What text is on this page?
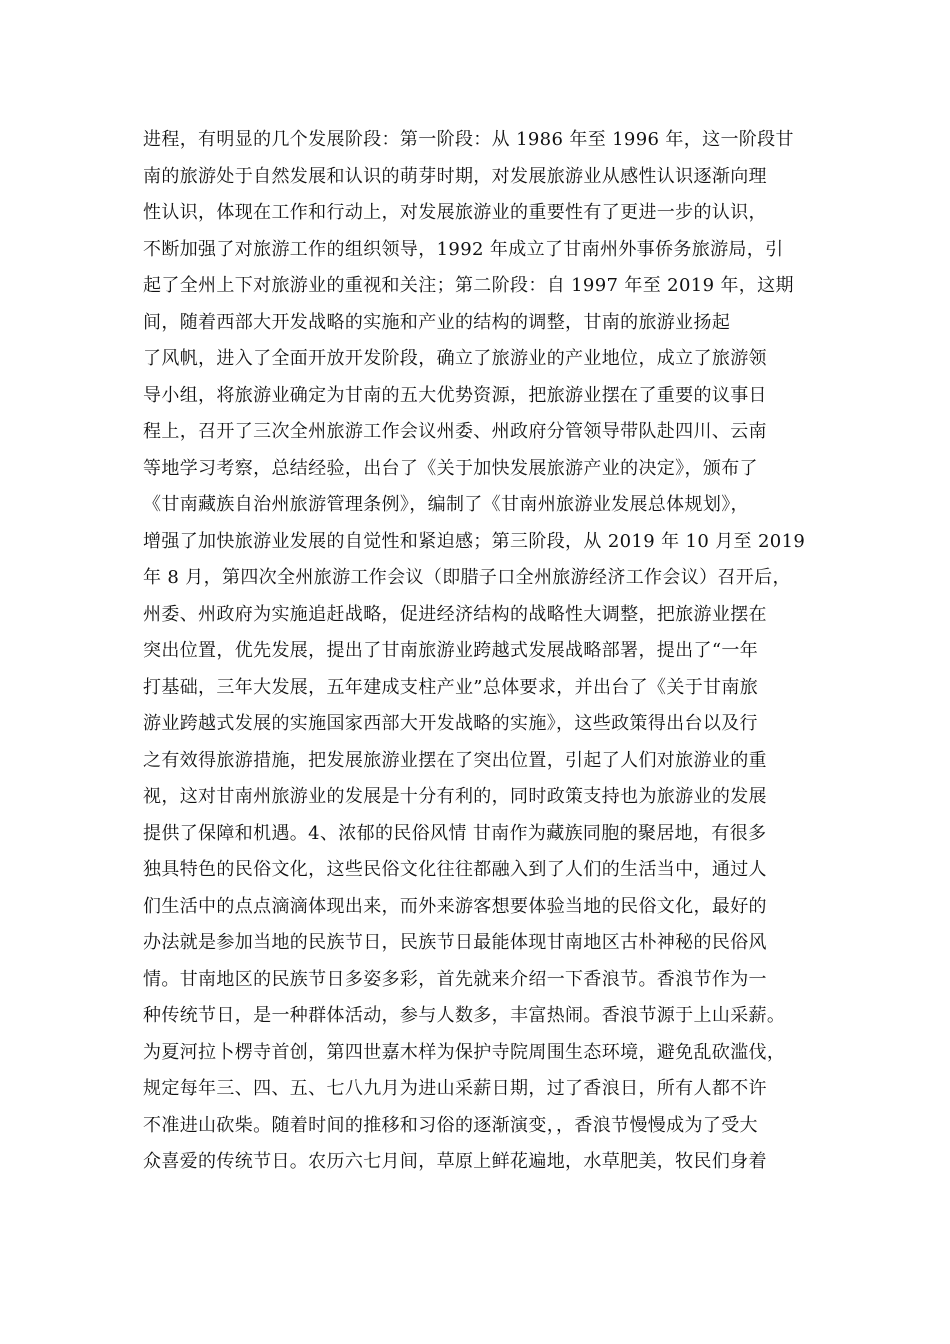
进程，有明显的几个发展阶段：第一阶段：从 1986 年至 1996 年，这一阶段甘
南的旅游处于自然发展和认识的萌芽时期，对发展旅游业从感性认识逐渐向理
性认识，体现在工作和行动上，对发展旅游业的重要性有了更进一步的认识，
不断加强了对旅游工作的组织领导，1992 年成立了甘南州外事侨务旅游局，引
起了全州上下对旅游业的重视和关注；第二阶段：自 1997 年至 2019 年，这期
间，随着西部大开发战略的实施和产业的结构的调整，甘南的旅游业扬起
了风帆，进入了全面开放开发阶段，确立了旅游业的产业地位，成立了旅游领
导小组，将旅游业确定为甘南的五大优势资源，把旅游业摆在了重要的议事日
程上，召开了三次全州旅游工作会议州委、州政府分管领导带队赴四川、云南
等地学习考察，总结经验，出台了《关于加快发展旅游产业的决定》，颁布了
《甘南藏族自治州旅游管理条例》，编制了《甘南州旅游业发展总体规划》，
增强了加快旅游业发展的自觉性和紧迫感；第三阶段，从 2019 年 10 月至 2019
年 8 月，第四次全州旅游工作会议（即腊子口全州旅游经济工作会议）召开后，
州委、州政府为实施追赶战略，促进经济结构的战略性大调整，把旅游业摆在
突出位置，优先发展，提出了甘南旅游业跨越式发展战略部署，提出了“一年
打基础，三年大发展，五年建成支柱产业”总体要求，并出台了《关于甘南旅
游业跨越式发展的实施国家西部大开发战略的实施》，这些政策得出台以及行
之有效得旅游措施，把发展旅游业摆在了突出位置，引起了人们对旅游业的重
视，这对甘南州旅游业的发展是十分有利的，同时政策支持也为旅游业的发展
提供了保障和机遇。4、浓郁的民俗风情 甘南作为藏族同胞的聚居地，有很多
独具特色的民俗文化，这些民俗文化往往都融入到了人们的生活当中，通过人
们生活中的点点滴滴体现出来，而外来游客想要体验当地的民俗文化，最好的
办法就是参加当地的民族节日，民族节日最能体现甘南地区古朴神秘的民俗风
情。甘南地区的民族节日多姿多彩，首先就来介绍一下香浪节。香浪节作为一
种传统节日，是一种群体活动，参与人数多，丰富热闹。香浪节源于上山采薪。
为夏河拉卜楞寺首创，第四世嘉木样为保护寺院周围生态环境，避免乱砍滥伐，
规定每年三、四、五、七八九月为进山采薪日期，过了香浪日，所有人都不许
不准进山砍柴。随着时间的推移和习俗的逐渐演变，，香浪节慢慢成为了受大
众喜爱的传统节日。农历六七月间，草原上鲜花遍地，水草肥美，牧民们身着
